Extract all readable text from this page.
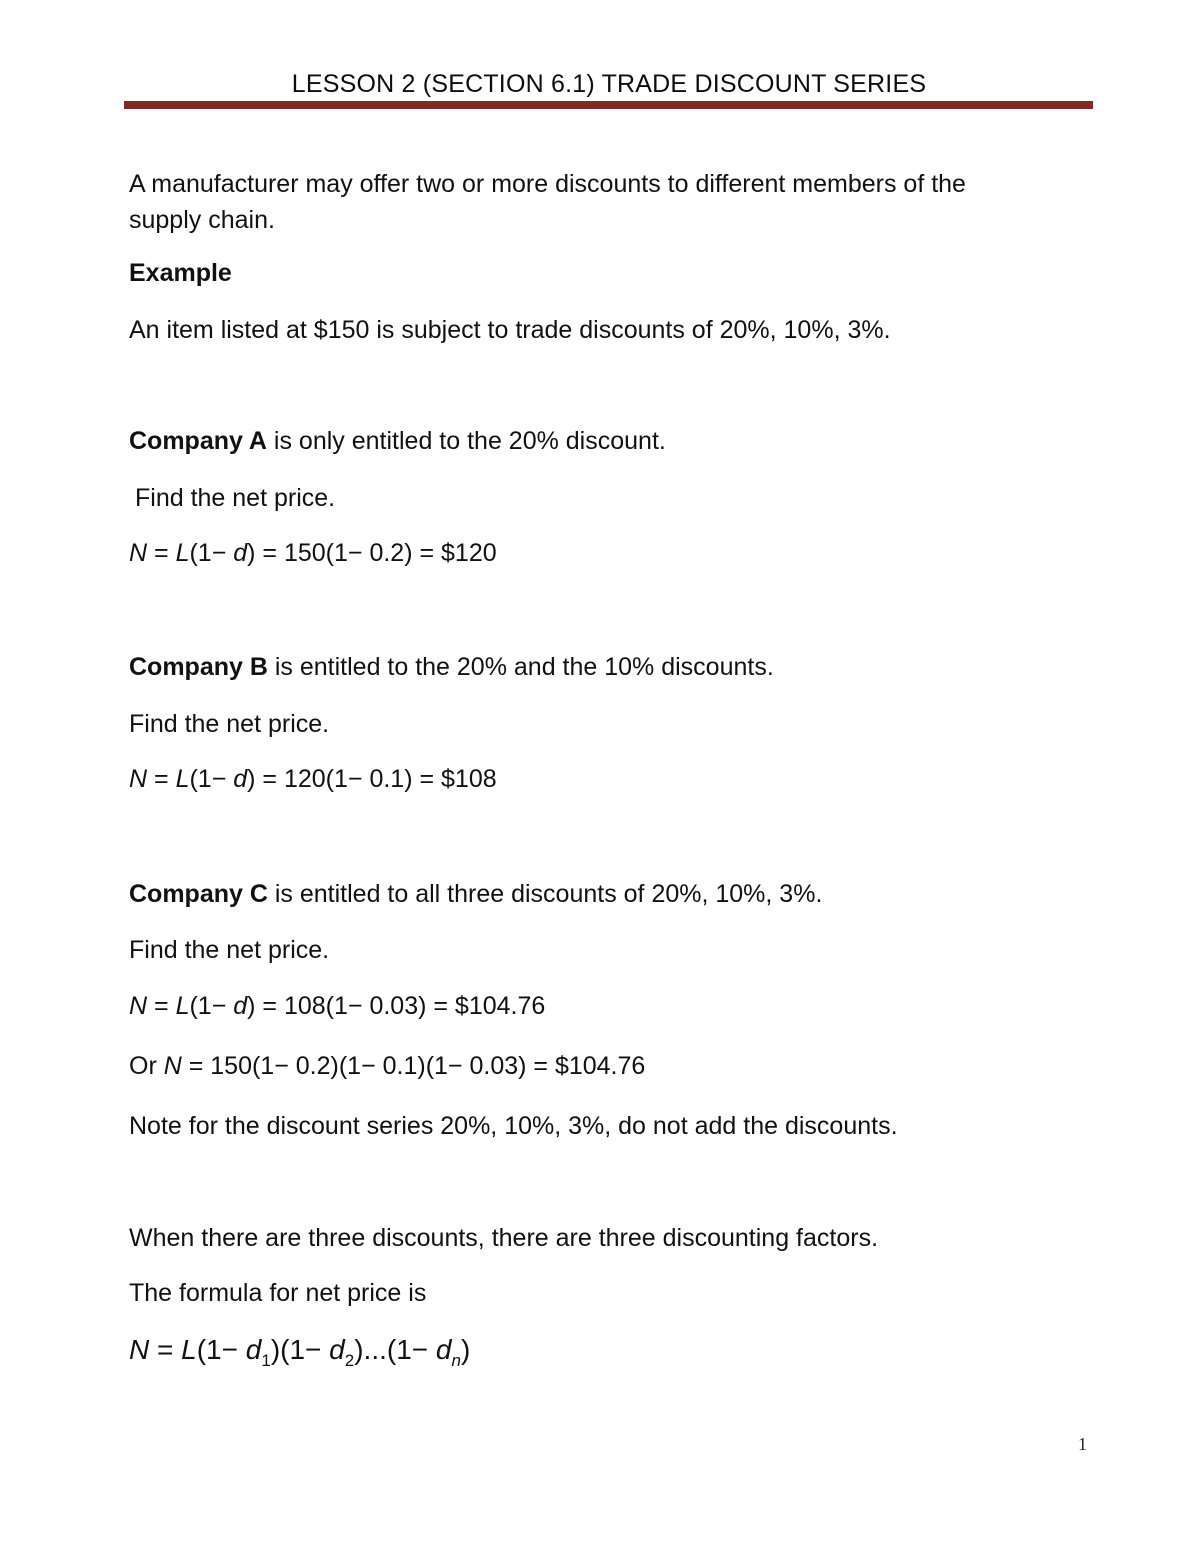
LESSON 2 (SECTION 6.1) TRADE DISCOUNT SERIES
A manufacturer may offer two or more discounts to different members of the
supply chain.
Example
An item listed at $150 is subject to trade discounts of 20%, 10%, 3%.
Company A is only entitled to the 20% discount.
Find the net price.
N = L(1− d) = 150(1− 0.2) = $120
Company B is entitled to the 20% and the 10% discounts.
Find the net price.
N = L(1− d) = 120(1− 0.1) = $108
Company C is entitled to all three discounts of 20%, 10%, 3%.
Find the net price.
N = L(1− d) = 108(1− 0.03) = $104.76
Or N = 150(1− 0.2)(1− 0.1)(1− 0.03) = $104.76
Note for the discount series 20%, 10%, 3%, do not add the discounts.
When there are three discounts, there are three discounting factors.
The formula for net price is
$N = L(1- d_1)(1- d_2)...(1- d_n)$
1
